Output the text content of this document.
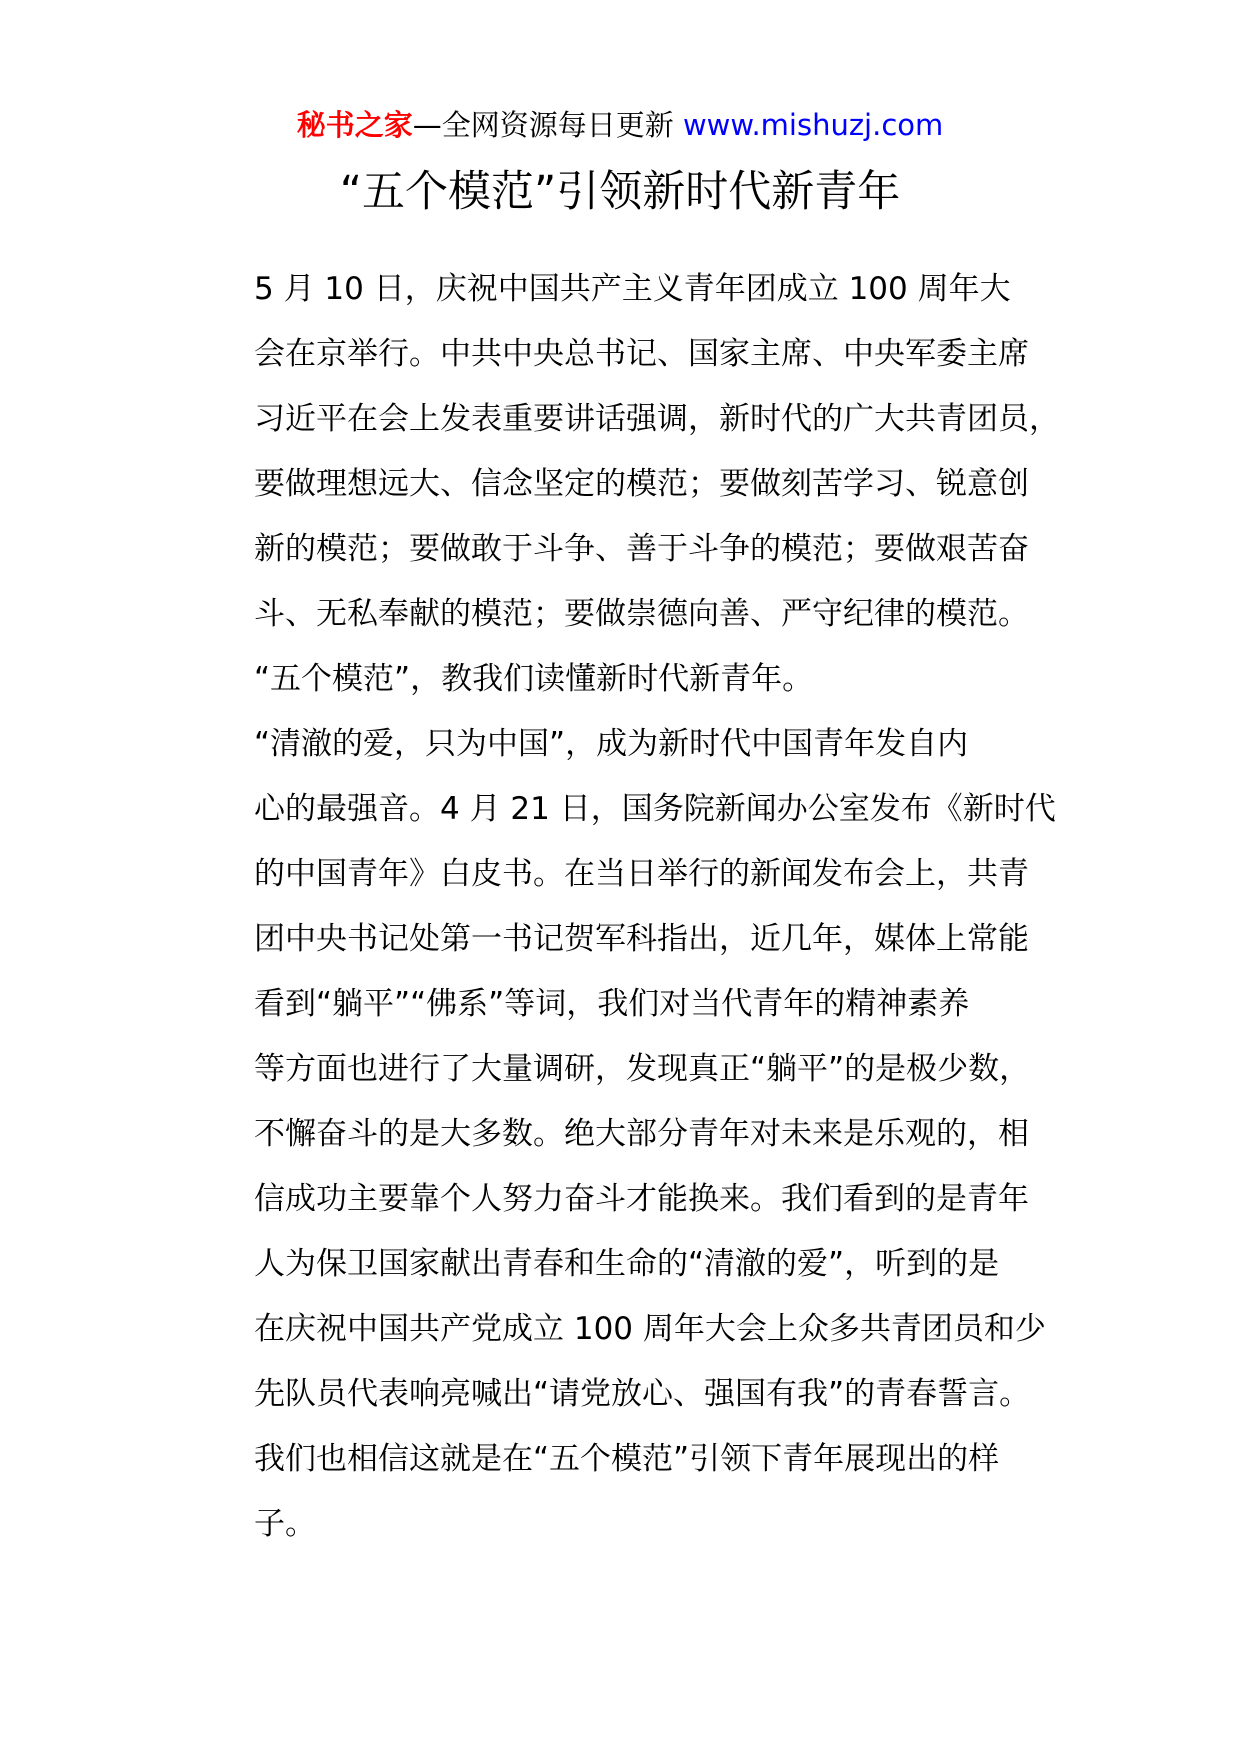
秘书之家—全网资源每日更新 www.mishuzj.com
“五个模范”引领新时代新青年

5 月 10 日，庆祝中国共产主义青年团成立 100 周年大
会在京举行。中共中央总书记、国家主席、中央军委主席
习近平在会上发表重要讲话强调，新时代的广大共青团员，
要做理想远大、信念坚定的模范；要做刻苦学习、锐意创
新的模范；要做敢于斗争、善于斗争的模范；要做艰苦奋
斗、无私奉献的模范；要做崇德向善、严守纪律的模范。
“五个模范”，教我们读懂新时代新青年。

“清澈的爱，只为中国”，成为新时代中国青年发自内
心的最强音。4 月 21 日，国务院新闻办公室发布《新时代
的中国青年》白皮书。在当日举行的新闻发布会上，共青
团中央书记处第一书记贺军科指出，近几年，媒体上常能
看到“躺平”“佛系”等词，我们对当代青年的精神素养
等方面也进行了大量调研，发现真正“躺平”的是极少数，
不懈奋斗的是大多数。绝大部分青年对未来是乐观的，相
信成功主要靠个人努力奋斗才能换来。我们看到的是青年
人为保卫国家献出青春和生命的“清澈的爱”，听到的是
在庆祝中国共产党成立 100 周年大会上众多共青团员和少
先队员代表响亮喊出“请党放心、强国有我”的青春誓言。
我们也相信这就是在“五个模范”引领下青年展现出的样
子。
